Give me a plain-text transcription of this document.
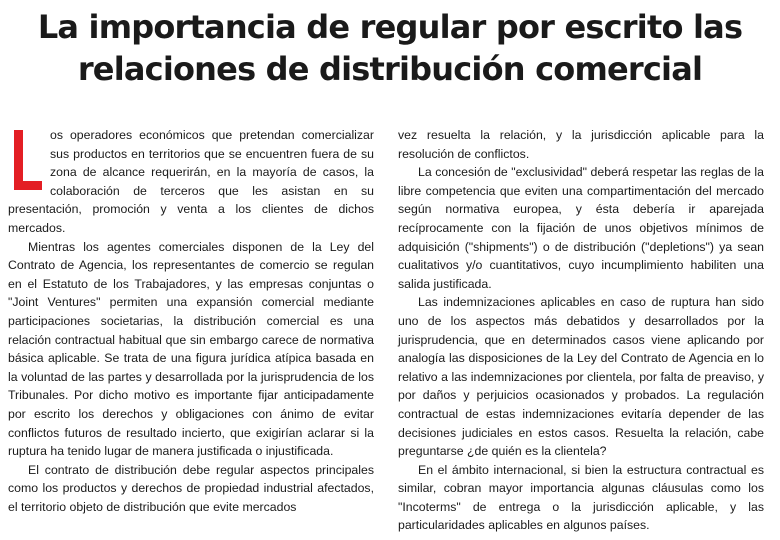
La importancia de regular por escrito las
relaciones de distribución comercial

os operadores económicos que pretendan comercializar sus productos en territorios que se encuentren fuera de su zona de alcance requerirán, en la mayoría de casos, la colaboración de terceros que les asistan en su presentación, promoción y venta a los clientes de dichos mercados.

Mientras los agentes comerciales disponen de la Ley del Contrato de Agencia, los representantes de comercio se regulan en el Estatuto de los Trabajadores, y las empresas conjuntas o "Joint Ventures" permiten una expansión comercial mediante participaciones societarias, la distribución comercial es una relación contractual habitual que sin embargo carece de normativa básica aplicable. Se trata de una figura jurídica atípica basada en la voluntad de las partes y desarrollada por la jurisprudencia de los Tribunales. Por dicho motivo es importante fijar anticipadamente por escrito los derechos y obligaciones con ánimo de evitar conflictos futuros de resultado incierto, que exigirían aclarar si la ruptura ha tenido lugar de manera justificada o injustificada.

El contrato de distribución debe regular aspectos principales como los productos y derechos de propiedad industrial afectados, el territorio objeto de distribución que evite mercados

vez resuelta la relación, y la jurisdicción aplicable para la resolución de conflictos.

La concesión de "exclusividad" deberá respetar las reglas de la libre competencia que eviten una compartimentación del mercado según normativa europea, y ésta debería ir aparejada recíprocamente con la fijación de unos objetivos mínimos de adquisición ("shipments") o de distribución ("depletions") ya sean cualitativos y/o cuantitativos, cuyo incumplimiento habiliten una salida justificada.

Las indemnizaciones aplicables en caso de ruptura han sido uno de los aspectos más debatidos y desarrollados por la jurisprudencia, que en determinados casos viene aplicando por analogía las disposiciones de la Ley del Contrato de Agencia en lo relativo a las indemnizaciones por clientela, por falta de preaviso, y por daños y perjuicios ocasionados y probados. La regulación contractual de estas indemnizaciones evitaría depender de las decisiones judiciales en estos casos. Resuelta la relación, cabe preguntarse ¿de quién es la clientela?

En el ámbito internacional, si bien la estructura contractual es similar, cobran mayor importancia algunas cláusulas como los "Incoterms" de entrega o la jurisdicción aplicable, y las particularidades aplicables en algunos países.
